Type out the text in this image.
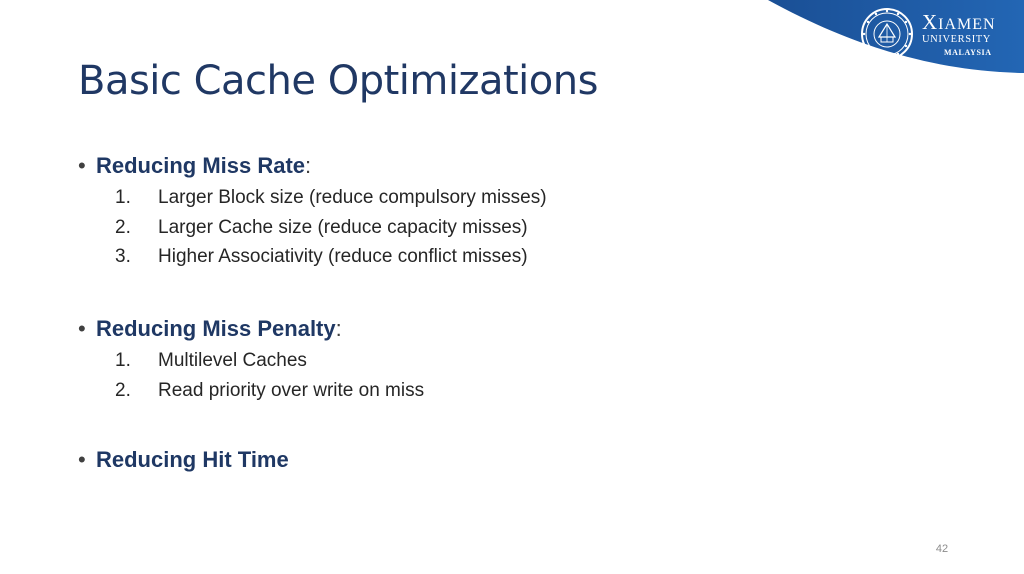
XIAMEN
UNIVERSITY
MALAYSIA
Basic Cache Optimizations
• Reducing Miss Rate:
1. Larger Block size (reduce compulsory misses)
2. Larger Cache size (reduce capacity misses)
3. Higher Associativity (reduce conflict misses)
• Reducing Miss Penalty:
1. Multilevel Caches
2. Read priority over write on miss
• Reducing Hit Time
42
